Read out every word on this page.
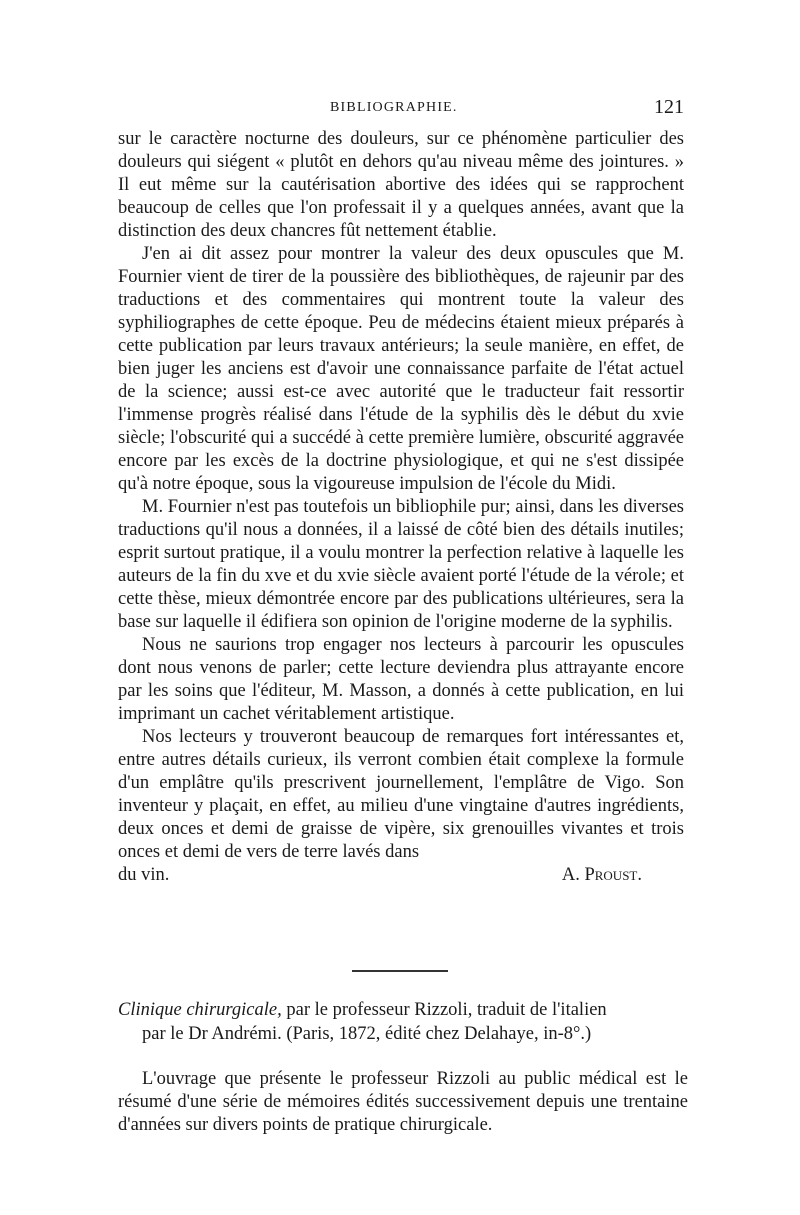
BIBLIOGRAPHIE.	121

sur le caractère nocturne des douleurs, sur ce phénomène particulier des douleurs qui siégent « plutôt en dehors qu'au niveau même des jointures. » Il eut même sur la cautérisation abortive des idées qui se rapprochent beaucoup de celles que l'on professait il y a quelques années, avant que la distinction des deux chancres fût nettement établie.

J'en ai dit assez pour montrer la valeur des deux opuscules que M. Fournier vient de tirer de la poussière des bibliothèques, de rajeunir par des traductions et des commentaires qui montrent toute la valeur des syphiliographes de cette époque. Peu de médecins étaient mieux préparés à cette publication par leurs travaux antérieurs; la seule manière, en effet, de bien juger les anciens est d'avoir une connaissance parfaite de l'état actuel de la science; aussi est-ce avec autorité que le traducteur fait ressortir l'immense progrès réalisé dans l'étude de la syphilis dès le début du xvie siècle; l'obscurité qui a succédé à cette première lumière, obscurité aggravée encore par les excès de la doctrine physiologique, et qui ne s'est dissipée qu'à notre époque, sous la vigoureuse impulsion de l'école du Midi.

M. Fournier n'est pas toutefois un bibliophile pur; ainsi, dans les diverses traductions qu'il nous a données, il a laissé de côté bien des détails inutiles; esprit surtout pratique, il a voulu montrer la perfection relative à laquelle les auteurs de la fin du xve et du xvie siècle avaient porté l'étude de la vérole; et cette thèse, mieux démontrée encore par des publications ultérieures, sera la base sur laquelle il édifiera son opinion de l'origine moderne de la syphilis.

Nous ne saurions trop engager nos lecteurs à parcourir les opuscules dont nous venons de parler; cette lecture deviendra plus attrayante encore par les soins que l'éditeur, M. Masson, a donnés à cette publication, en lui imprimant un cachet véritablement artistique.

Nos lecteurs y trouveront beaucoup de remarques fort intéressantes et, entre autres détails curieux, ils verront combien était complexe la formule d'un emplâtre qu'ils prescrivent journellement, l'emplâtre de Vigo. Son inventeur y plaçait, en effet, au milieu d'une vingtaine d'autres ingrédients, deux onces et demi de graisse de vipère, six grenouilles vivantes et trois onces et demi de vers de terre lavés dans

du vin.	A. Proust.

Clinique chirurgicale, par le professeur Rizzoli, traduit de l'italien

par le Dr Andrémi. (Paris, 1872, édité chez Delahaye, in-8°.)

L'ouvrage que présente le professeur Rizzoli au public médical est le résumé d'une série de mémoires édités successivement depuis une trentaine d'années sur divers points de pratique chirurgicale.
